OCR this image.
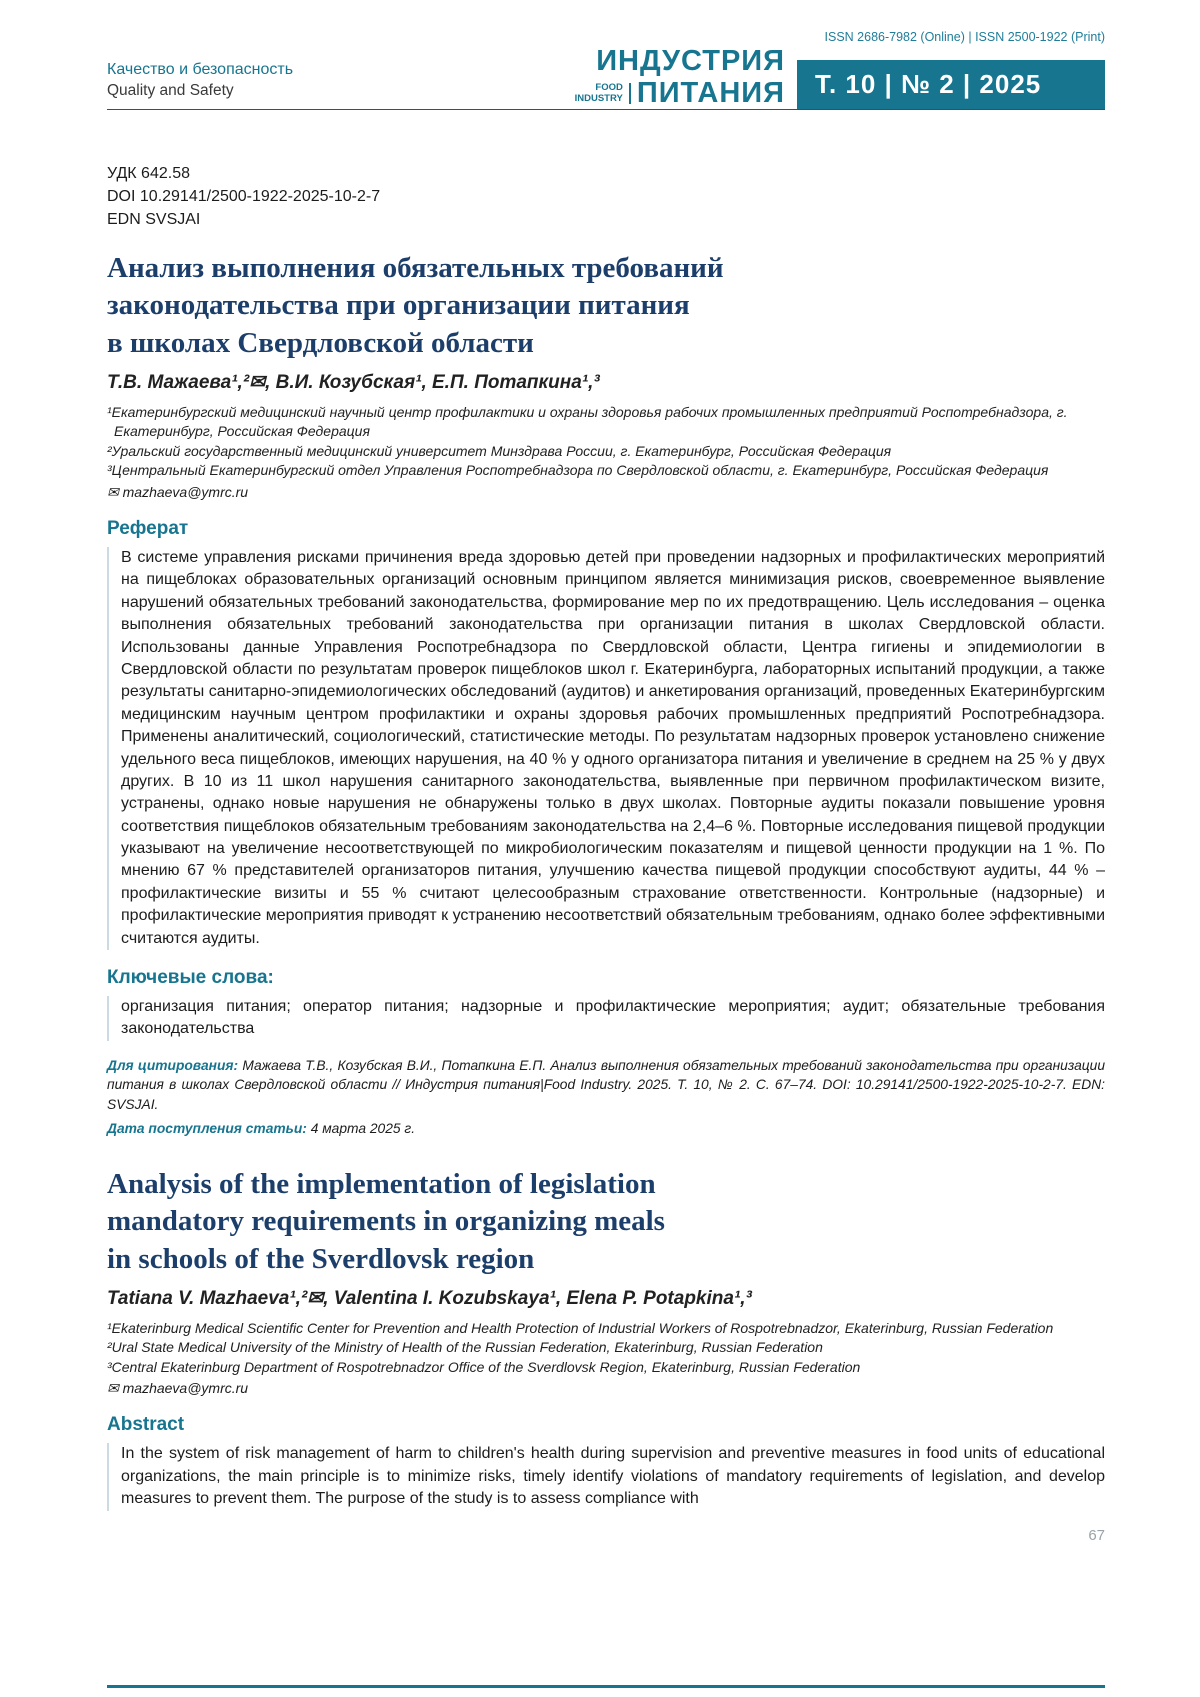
ISSN 2686-7982 (Online) | ISSN 2500-1922 (Print)
Качество и безопасность
Quality and Safety
ИНДУСТРИЯ
FOOD
INDUSTRY ПИТАНИЯ	Т. 10 | № 2 | 2025
УДК 642.58
DOI 10.29141/2500-1922-2025-10-2-7
EDN SVSJAI
Анализ выполнения обязательных требований
законодательства при организации питания
в школах Свердловской области
Т.В. Мажаева¹,²✉, В.И. Козубская¹, Е.П. Потапкина¹,³
¹Екатеринбургский медицинский научный центр профилактики и охраны здоровья рабочих промышленных предприятий Роспотребнадзора, г. Екатеринбург, Российская Федерация
²Уральский государственный медицинский университет Минздрава России, г. Екатеринбург, Российская Федерация
³Центральный Екатеринбургский отдел Управления Роспотребнадзора по Свердловской области, г. Екатеринбург, Российская Федерация
✉ mazhaeva@ymrc.ru
Реферат

В системе управления рисками причинения вреда здоровью детей при проведении надзорных и профилактических мероприятий на пищеблоках образовательных организаций основным принципом является минимизация рисков, своевременное выявление нарушений обязательных требований законодательства, формирование мер по их предотвращению. Цель исследования – оценка выполнения обязательных требований законодательства при организации питания в школах Свердловской области. Использованы данные Управления Роспотребнадзора по Свердловской области, Центра гигиены и эпидемиологии в Свердловской области по результатам проверок пищеблоков школ г. Екатеринбурга, лабораторных испытаний продукции, а также результаты санитарно-эпидемиологических обследований (аудитов) и анкетирования организаций, проведенных Екатеринбургским медицинским научным центром профилактики и охраны здоровья рабочих промышленных предприятий Роспотребнадзора. Применены аналитический, социологический, статистические методы. По результатам надзорных проверок установлено снижение удельного веса пищеблоков, имеющих нарушения, на 40 % у одного организатора питания и увеличение в среднем на 25 % у двух других. В 10 из 11 школ нарушения санитарного законодательства, выявленные при первичном профилактическом визите, устранены, однако новые нарушения не обнаружены только в двух школах. Повторные аудиты показали повышение уровня соответствия пищеблоков обязательным требованиям законодательства на 2,4–6 %. Повторные исследования пищевой продукции указывают на увеличение несоответствующей по микробиологическим показателям и пищевой ценности продукции на 1 %. По мнению 67 % представителей организаторов питания, улучшению качества пищевой продукции способствуют аудиты, 44 % – профилактические визиты и 55 % считают целесообразным страхование ответственности. Контрольные (надзорные) и профилактические мероприятия приводят к устранению несоответствий обязательным требованиям, однако более эффективными считаются аудиты.

Ключевые слова:

организация питания; оператор питания; надзорные и профилактические мероприятия; аудит; обязательные требования законодательства

Для цитирования: Мажаева Т.В., Козубская В.И., Потапкина Е.П. Анализ выполнения обязательных требований законодательства при организации питания в школах Свердловской области // Индустрия питания|Food Industry. 2025. Т. 10, № 2. С. 67–74. DOI: 10.29141/2500-1922-2025-10-2-7. EDN: SVSJAI.

Дата поступления статьи: 4 марта 2025 г.

Analysis of the implementation of legislation
mandatory requirements in organizing meals
in schools of the Sverdlovsk region
Tatiana V. Mazhaeva¹,²✉, Valentina I. Kozubskaya¹, Elena P. Potapkina¹,³
¹Ekaterinburg Medical Scientific Center for Prevention and Health Protection of Industrial Workers of Rospotrebnadzor, Ekaterinburg, Russian Federation
²Ural State Medical University of the Ministry of Health of the Russian Federation, Ekaterinburg, Russian Federation
³Central Ekaterinburg Department of Rospotrebnadzor Office of the Sverdlovsk Region, Ekaterinburg, Russian Federation
✉ mazhaeva@ymrc.ru
Abstract

In the system of risk management of harm to children's health during supervision and preventive measures in food units of educational organizations, the main principle is to minimize risks, timely identify violations of mandatory requirements of legislation, and develop measures to prevent them. The purpose of the study is to assess compliance with

67
